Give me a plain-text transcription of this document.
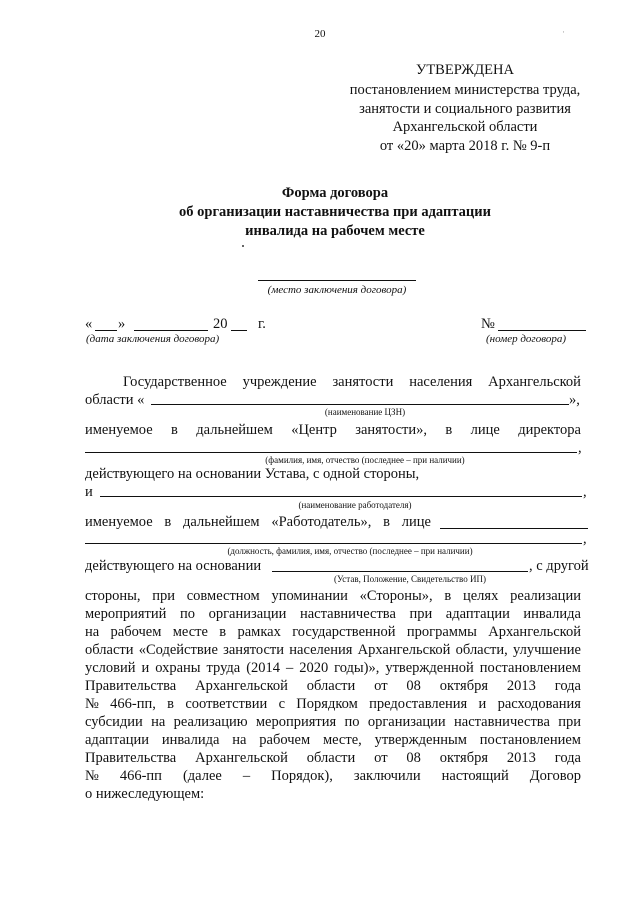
20	·
УТВЕРЖДЕНА
постановлением министерства труда,
занятости и социального развития
Архангельской области
от «20» марта 2018 г. № 9-п
Форма договора
об организации наставничества при адаптации
инвалида на рабочем месте
(место заключения договора)
« »	20 г.
(дата заключения договора)
№
(номер договора)
Государственное учреждение занятости населения Архангельской
области «	»,
(наименование ЦЗН)
именуемое в дальнейшем «Центр занятости», в лице директора
,
(фамилия, имя, отчество (последнее – при наличии)
действующего на основании Устава, с одной стороны,
и	,
(наименование работодателя)
именуемое в дальнейшем «Работодатель», в лице
,
(должность, фамилия, имя, отчество (последнее – при наличии)
действующего на основании	, с другой
(Устав, Положение, Свидетельство ИП)
стороны, при совместном упоминании «Стороны», в целях реализации
мероприятий по организации наставничества при адаптации инвалида
на рабочем месте в рамках государственной программы Архангельской
области «Содействие занятости населения Архангельской области, улучшение
условий и охраны труда (2014 – 2020 годы)», утвержденной постановлением
Правительства Архангельской области от 08 октября 2013 года
№ 466-пп, в соответствии с Порядком предоставления и расходования
субсидии на реализацию мероприятия по организации наставничества при
адаптации инвалида на рабочем месте, утвержденным постановлением
Правительства Архангельской области от 08 октября 2013 года
№ 466-пп (далее – Порядок), заключили настоящий Договор
о нижеследующем:
